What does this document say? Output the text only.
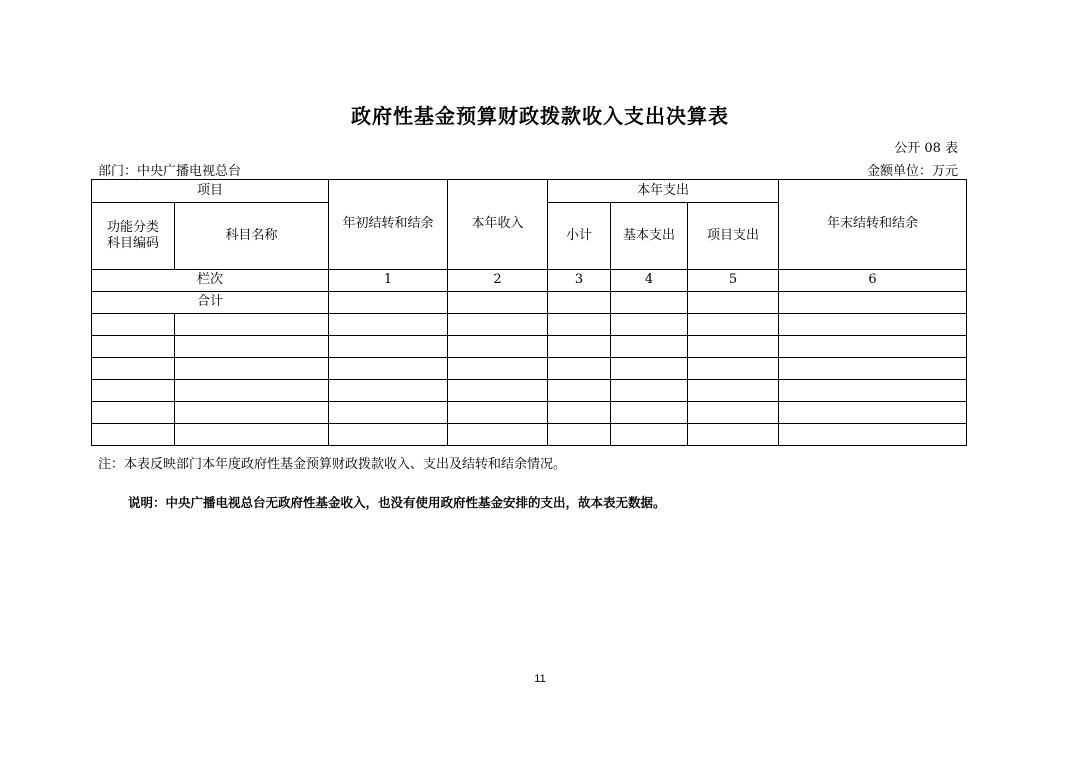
政府性基金预算财政拨款收入支出决算表
公开 08 表
部门：中央广播电视总台	金额单位：万元
项目		年初结转和结余	本年收入	本年支出			年末结转和结余
功能分类
科目编码	科目名称			小计	基本支出	项目支出	
栏次		1	2	3	4	5	6
合计							

注：本表反映部门本年度政府性基金预算财政拨款收入、支出及结转和结余情况。
说明：中央广播电视总台无政府性基金收入，也没有使用政府性基金安排的支出，故本表无数据。
11
